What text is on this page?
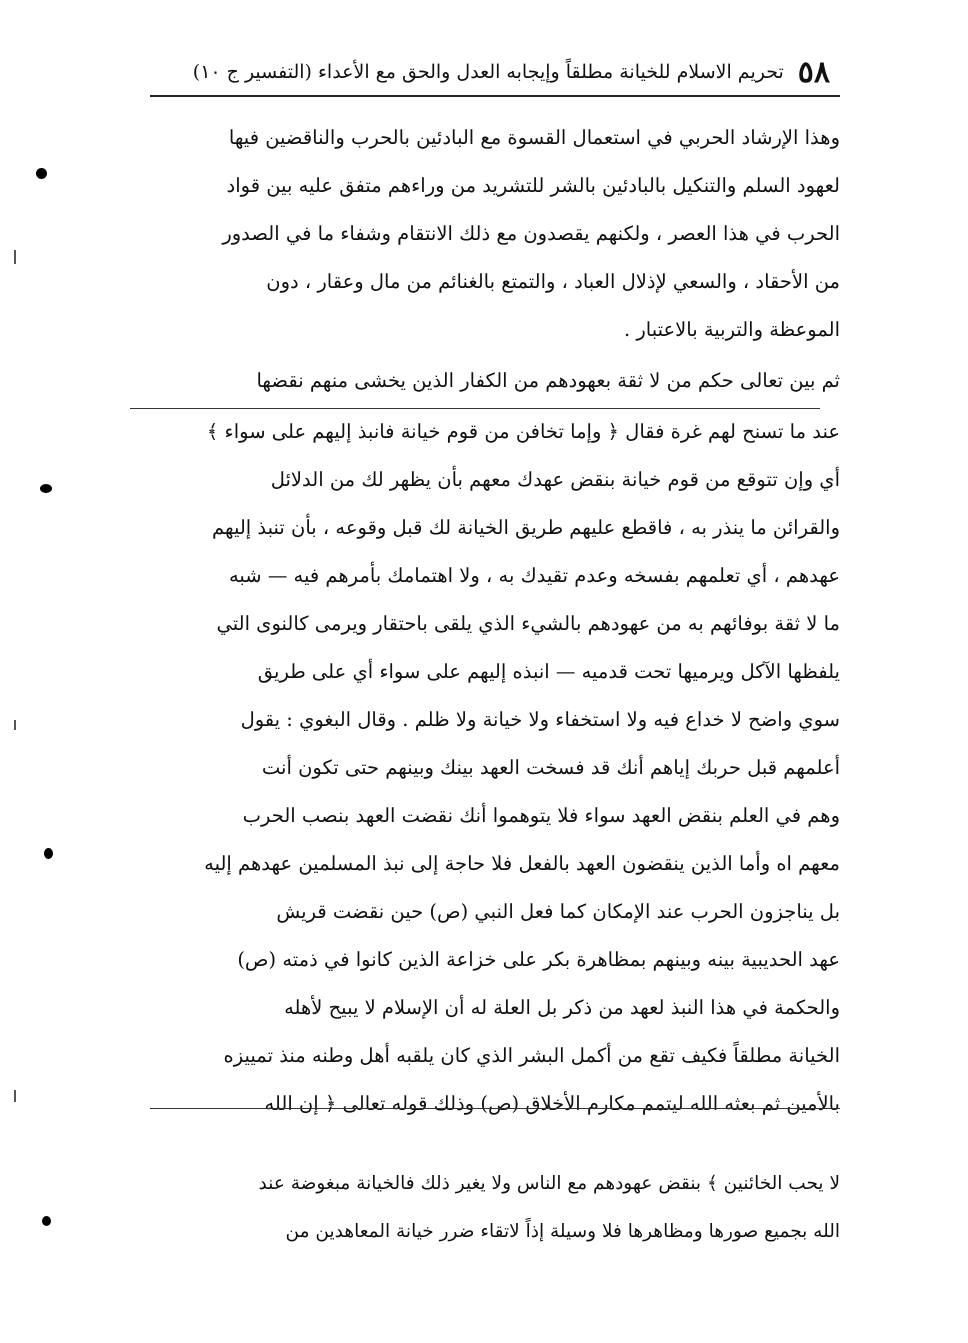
٥٨
تحريم الاسلام للخيانة مطلقاً وإيجابه العدل والحق مع الأعداء (التفسير ج ١٠)
وهذا الإرشاد الحربي في استعمال القسوة مع البادئين بالحرب والناقضين فيها
لعهود السلم والتنكيل بالبادئين بالشر للتشريد من وراءهم متفق عليه بين قواد
الحرب في هذا العصر ، ولكنهم يقصدون مع ذلك الانتقام وشفاء ما في الصدور
من الأحقاد ، والسعي لإذلال العباد ، والتمتع بالغنائم من مال وعقار ، دون
الموعظة والتربية بالاعتبار .
ثم بين تعالى حكم من لا ثقة بعهودهم من الكفار الذين يخشى منهم نقضها
عند ما تسنح لهم غرة فقال ﴿ وإما تخافن من قوم خيانة فانبذ إليهم على سواء ﴾
أي وإن تتوقع من قوم خيانة بنقض عهدك معهم بأن يظهر لك من الدلائل
والقرائن ما ينذر به ، فاقطع عليهم طريق الخيانة لك قبل وقوعه ، بأن تنبذ إليهم
عهدهم ، أي تعلمهم بفسخه وعدم تقيدك به ، ولا اهتمامك بأمرهم فيه — شبه
ما لا ثقة بوفائهم به من عهودهم بالشيء الذي يلقى باحتقار ويرمى كالنوى التي
يلفظها الآكل ويرميها تحت قدميه — انبذه إليهم على سواء أي على طريق
سوي واضح لا خداع فيه ولا استخفاء ولا خيانة ولا ظلم . وقال البغوي : يقول
أعلمهم قبل حربك إياهم أنك قد فسخت العهد بينك وبينهم حتى تكون أنت
وهم في العلم بنقض العهد سواء فلا يتوهموا أنك نقضت العهد بنصب الحرب
معهم اه وأما الذين ينقضون العهد بالفعل فلا حاجة إلى نبذ المسلمين عهدهم إليه
بل يناجزون الحرب عند الإمكان كما فعل النبي (ص) حين نقضت قريش
عهد الحديبية بينه وبينهم بمظاهرة بكر على خزاعة الذين كانوا في ذمته (ص)
والحكمة في هذا النبذ لعهد من ذكر بل العلة له أن الإسلام لا يبيح لأهله
الخيانة مطلقاً فكيف تقع من أكمل البشر الذي كان يلقبه أهل وطنه منذ تمييزه
بالأمين ثم بعثه الله ليتمم مكارم الأخلاق (ص) وذلك قوله تعالى ﴿ إن الله
لا يحب الخائنين ﴾ بنقض عهودهم مع الناس ولا يغير ذلك فالخيانة مبغوضة عند
الله بجميع صورها ومظاهرها فلا وسيلة إذاً لاتقاء ضرر خيانة المعاهدين من
